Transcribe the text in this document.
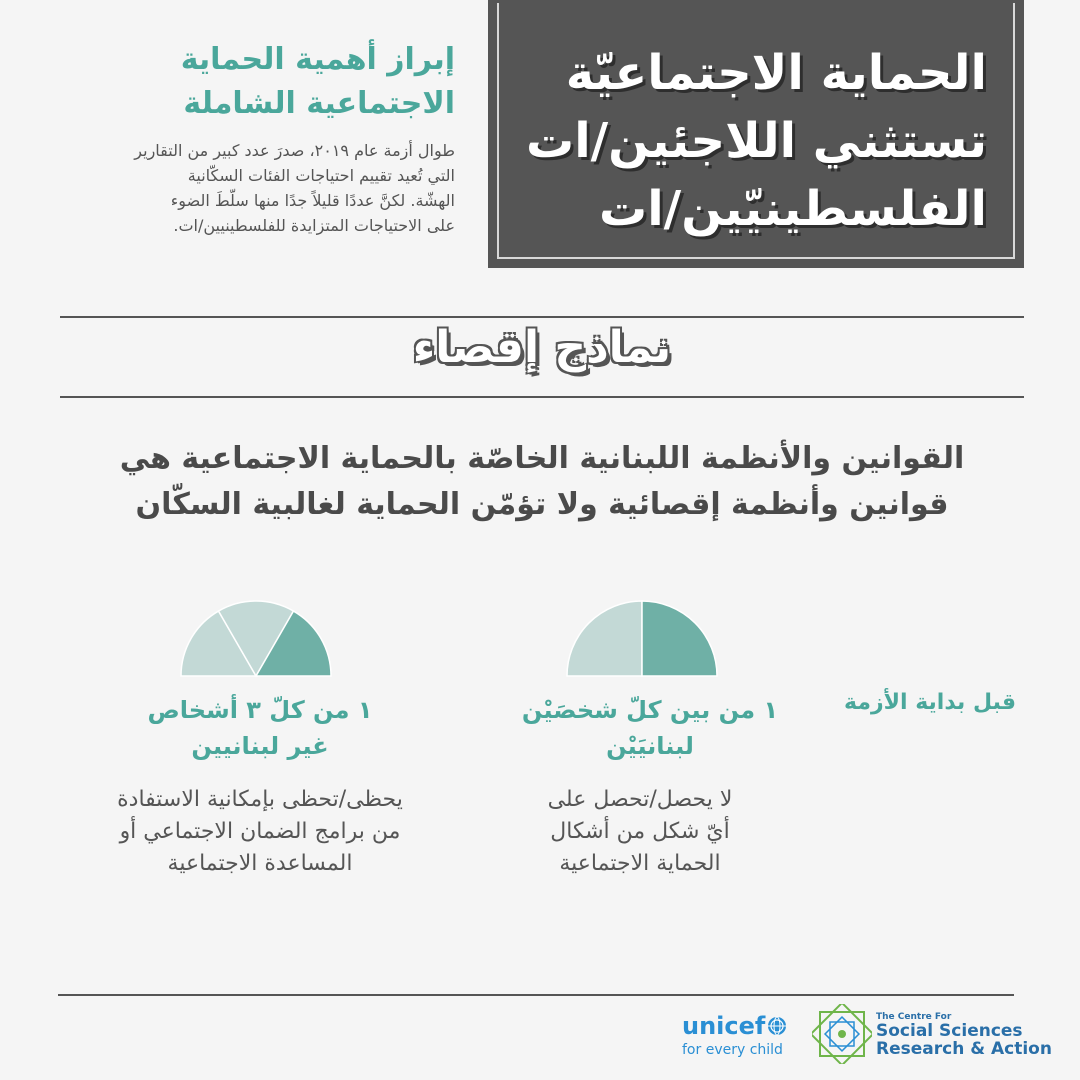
الحماية الاجتماعيّة
تستثني اللاجئين/ات
الفلسطينيّين/ات
إبراز أهمية الحماية
الاجتماعية الشاملة
طوال أزمة عام ٢٠١٩، صدرَ عدد كبير من التقارير
التي تُعيد تقييم احتياجات الفئات السكّانية
الهشّة. لكنَّ عددًا قليلاً جدًا منها سلّطَ الضوء
على الاحتياجات المتزايدة للفلسطينيين/ات.
نماذج إقصاء
القوانين والأنظمة اللبنانية الخاصّة بالحماية الاجتماعية هي
قوانين وأنظمة إقصائية ولا تؤمّن الحماية لغالبية السكّان
قبل بداية الأزمة
١ من بين كلّ شخصَيْن
لبنانيَيْن
لا يحصل/تحصل على
أيّ شكل من أشكال
الحماية الاجتماعية
١ من كلّ ٣ أشخاص
غير لبنانيين
يحظى/تحظى بإمكانية الاستفادة
من برامج الضمان الاجتماعي أو
المساعدة الاجتماعية
unicef
for every child
The Centre For
Social Sciences
Research & Action
